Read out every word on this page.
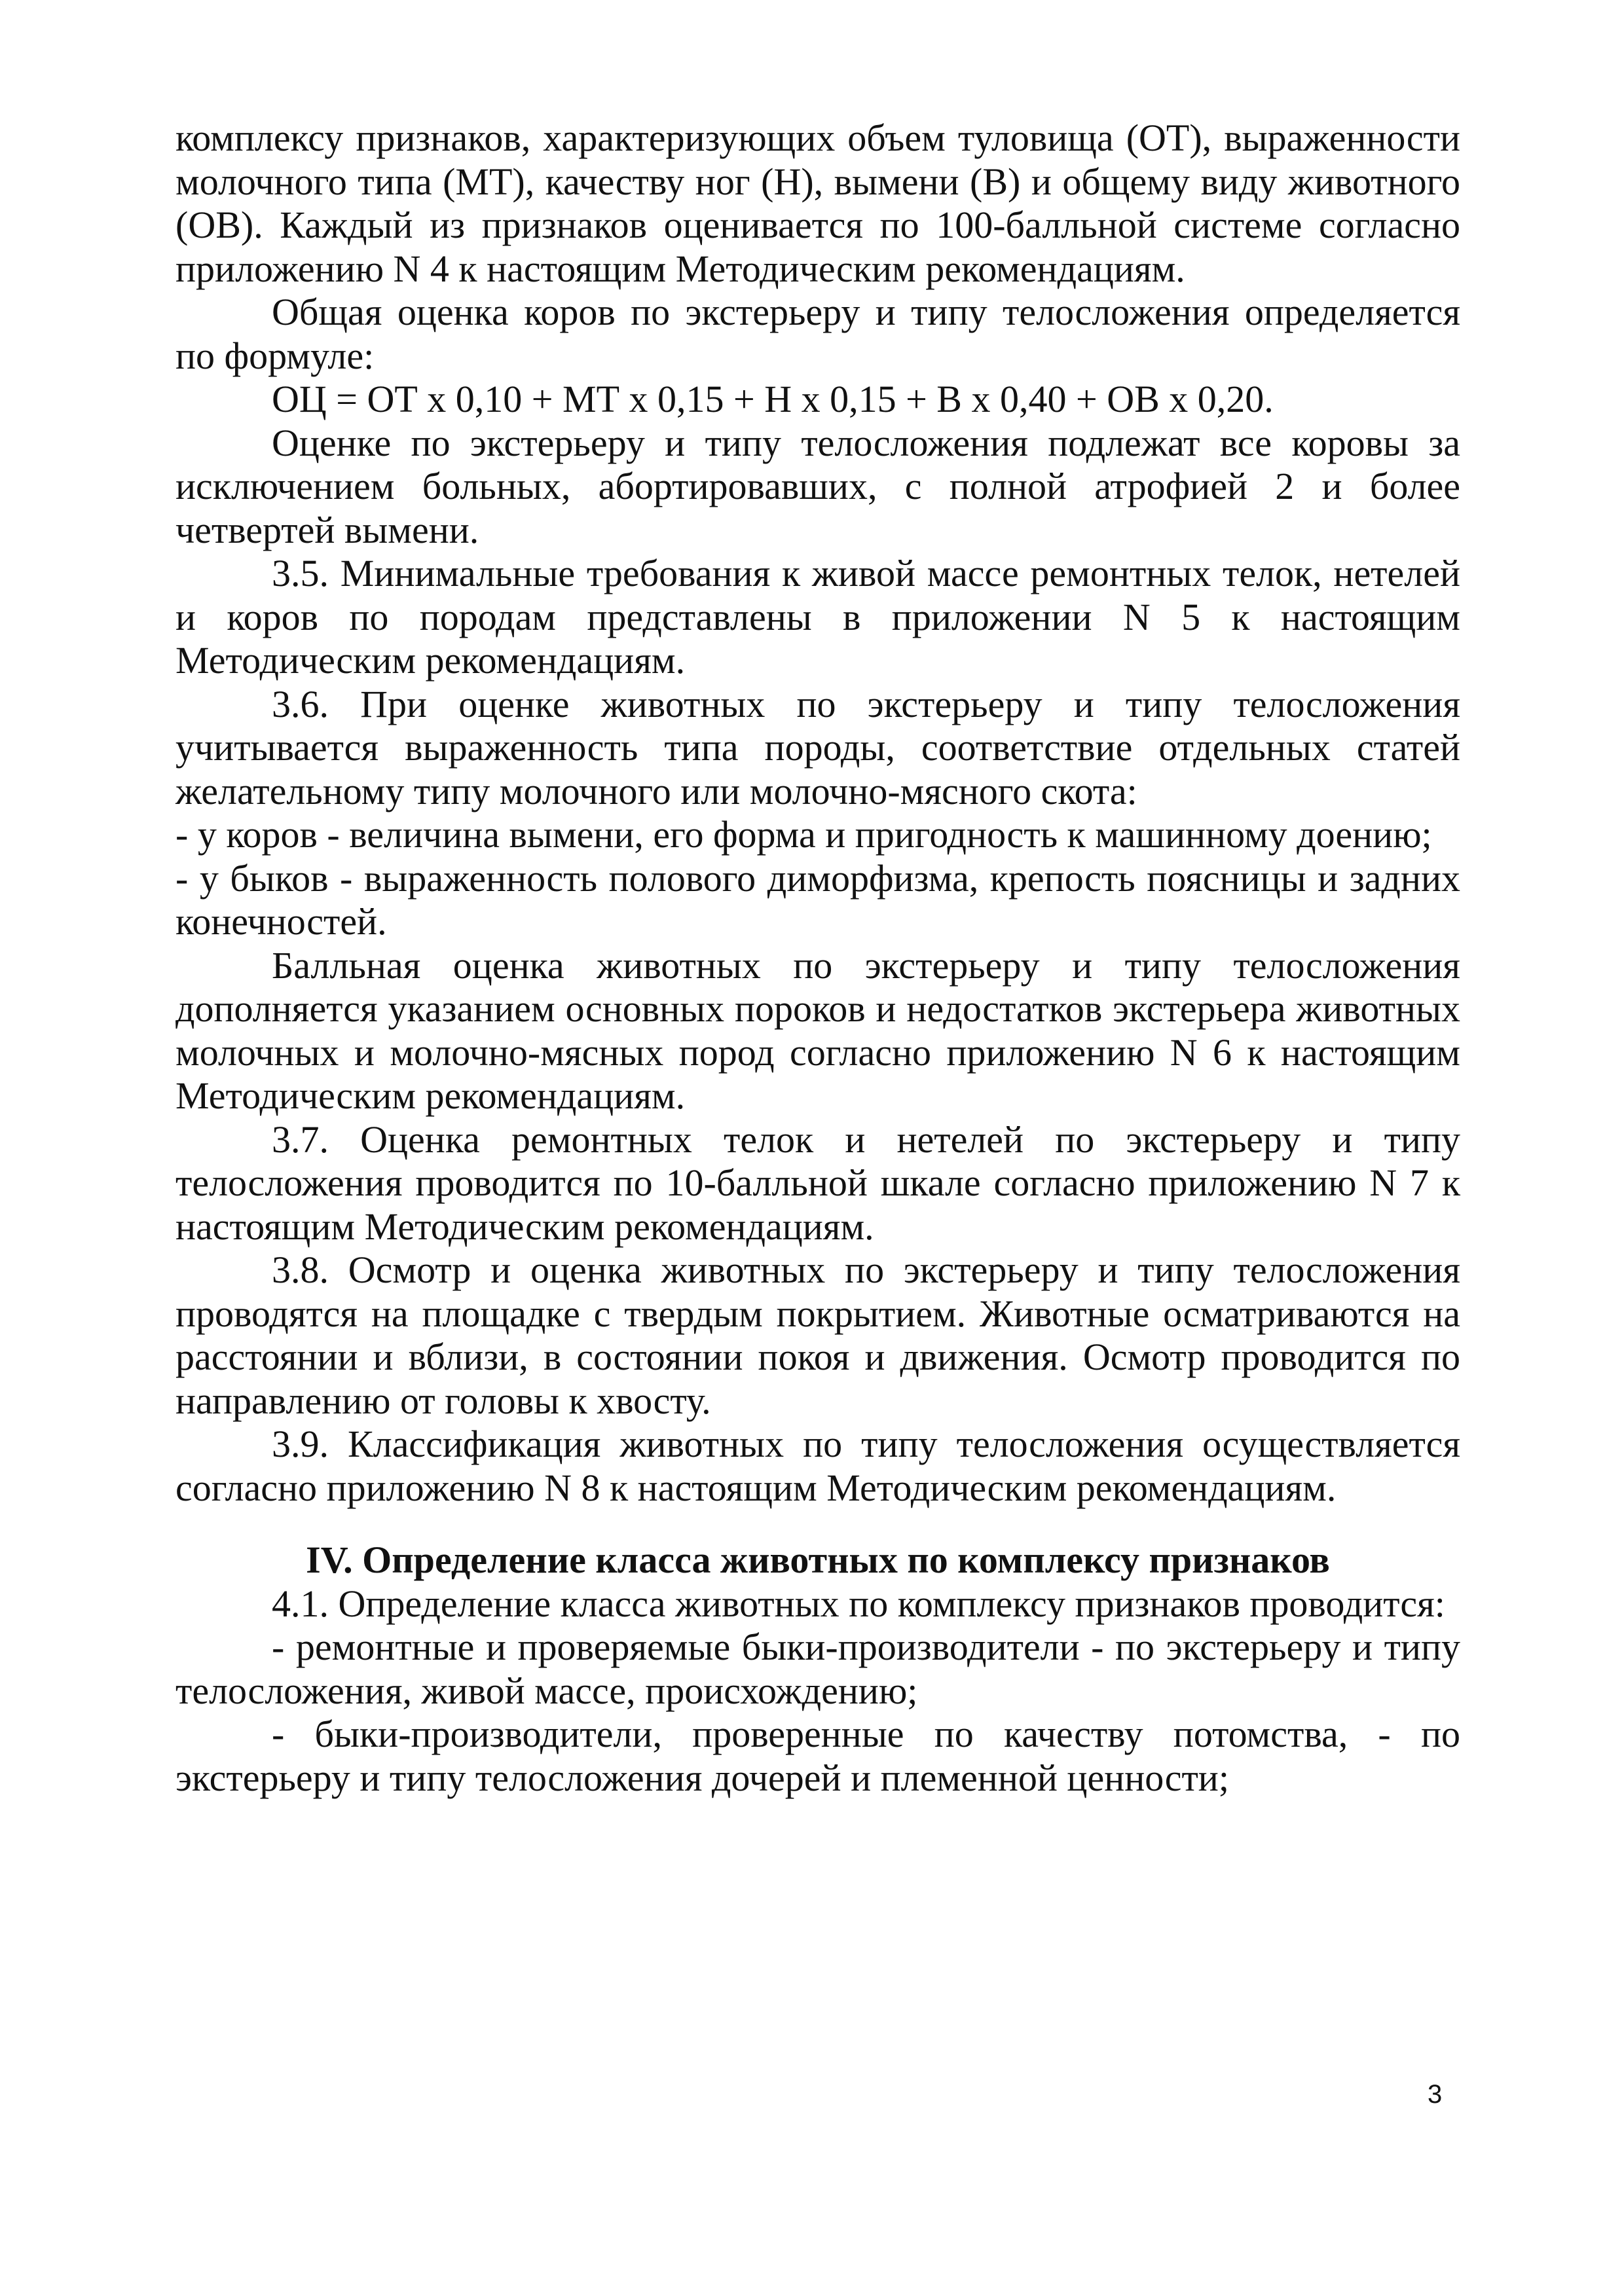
комплексу признаков, характеризующих объем туловища (ОТ), выраженности молочного типа (МТ), качеству ног (Н), вымени (В) и общему виду животного (ОВ). Каждый из признаков оценивается по 100-балльной системе согласно приложению N 4 к настоящим Методическим рекомендациям.

Общая оценка коров по экстерьеру и типу телосложения определяется по формуле:

ОЦ = ОТ x 0,10 + МТ x 0,15 + Н x 0,15 + В x 0,40 + ОВ x 0,20.

Оценке по экстерьеру и типу телосложения подлежат все коровы за исключением больных, абортировавших, с полной атрофией 2 и более четвертей вымени.

3.5. Минимальные требования к живой массе ремонтных телок, нетелей и коров по породам представлены в приложении N 5 к настоящим Методическим рекомендациям.

3.6. При оценке животных по экстерьеру и типу телосложения учитывается выраженность типа породы, соответствие отдельных статей желательному типу молочного или молочно-мясного скота:

- у коров - величина вымени, его форма и пригодность к машинному доению;

- у быков - выраженность полового диморфизма, крепость поясницы и задних конечностей.

Балльная оценка животных по экстерьеру и типу телосложения дополняется указанием основных пороков и недостатков экстерьера животных молочных и молочно-мясных пород согласно приложению N 6 к настоящим Методическим рекомендациям.

3.7. Оценка ремонтных телок и нетелей по экстерьеру и типу телосложения проводится по 10-балльной шкале согласно приложению N 7 к настоящим Методическим рекомендациям.

3.8. Осмотр и оценка животных по экстерьеру и типу телосложения проводятся на площадке с твердым покрытием. Животные осматриваются на расстоянии и вблизи, в состоянии покоя и движения. Осмотр проводится по направлению от головы к хвосту.

3.9. Классификация животных по типу телосложения осуществляется согласно приложению N 8 к настоящим Методическим рекомендациям.

IV. Определение класса животных по комплексу признаков

4.1. Определение класса животных по комплексу признаков проводится:

- ремонтные и проверяемые быки-производители - по экстерьеру и типу телосложения, живой массе, происхождению;

- быки-производители, проверенные по качеству потомства, - по экстерьеру и типу телосложения дочерей и племенной ценности;

3
